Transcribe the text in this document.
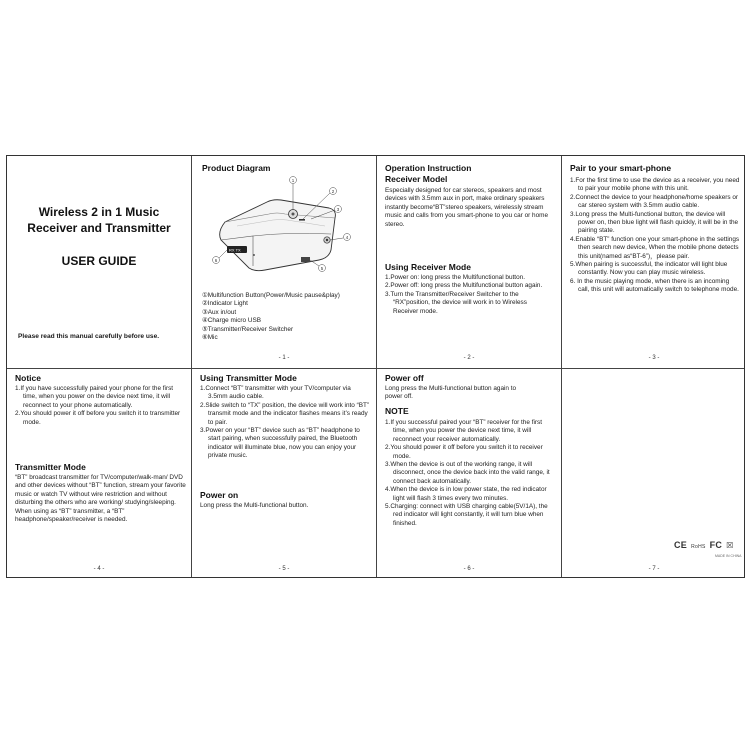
Wireless 2 in 1 Music
Receiver and Transmitter
USER GUIDE
Please read this manual carefully before use.
Product Diagram
RX TX
1
2
3
4
5
6
①Multifunction Button(Power/Music pause&play)
②Indicator Light
③Aux in/out
④Charge micro USB
⑤Transmitter/Receiver Switcher
⑥Mic
- 1 -
Operation Instruction
Receiver Model
Especially designed for car stereos, speakers and most devices with 3.5mm aux in port, make ordinary speakers instantly become“BT”stereo speakers, wirelessly stream music and calls from you smart-phone to you car or home stereo.
Using Receiver Mode
1.Power on: long press the Multifunctional button.
2.Power off: long press the Multifunctional button again.
3.Turn the Transmitter/Receiver Switcher to the “RX”position, the device will work in to Wireless Receiver mode.
- 2 -
Pair to your smart-phone
1.For the first time to use the device as a receiver, you need to pair your mobile phone with this unit.
2.Connect the device to your headphone/home speakers or car stereo system with 3.5mm audio cable.
3.Long press the Multi-functional button, the device will power on, then blue light will flash quickly, it will be in the pairing state.
4.Enable “BT” function one your smart-phone in the settings then search new device, When the mobile phone detects this unit(named as“BT-6”)，please pair.
5.When pairing is successful, the indicator will light blue constantly. Now you can play music wireless.
6. In the music playing mode, when there is an incoming call, this unit will automatically switch to telephone mode.
- 3 -
Notice
1.If you have successfully paired your phone for the first time, when you power on the device next time, it will reconnect to your phone automatically.
2.You should power it off before you switch it to transmitter mode.
Transmitter Mode
“BT” broadcast transmitter for TV/computer/walk-man/ DVD and other devices without “BT” function, stream your favorite music or watch TV without wire restriction and without disturbing the others who are working/ studying/sleeping. When using as “BT” transmitter, a “BT” headphone/speaker/receiver is needed.
- 4 -
Using Transmitter Mode
1.Connect “BT” transmitter with your TV/computer via 3.5mm audio cable.
2.Slide switch to “TX” position, the device will work into “BT” transmit mode and the indicator flashes means it’s ready to pair.
3.Power on your “BT” device such as “BT” headphone to start pairing, when successfully paired, the Bluetooth indicator will illuminate blue, now you can enjoy your private music.
Power on
Long press the Multi-functional button.
- 5 -
Power off
Long press the Multi-functional button again to power off.
NOTE
1.If you successful paired your “BT” receiver for the first time, when you power the device next time, it will reconnect your receiver automatically.
2.You should power it off before you switch it to receiver mode.
3.When the device is out of the working range, it will disconnect, once the device back into the valid range, it connect back automatically.
4.When the device is in low power state, the red indicator light will flash 3 times every two minutes.
5.Charging: connect with USB charging cable(5V/1A), the red indicator will light constantly, it will turn blue when finished.
- 6 -
CE RoHS FC ☒
MADE IN CHINA
- 7 -
